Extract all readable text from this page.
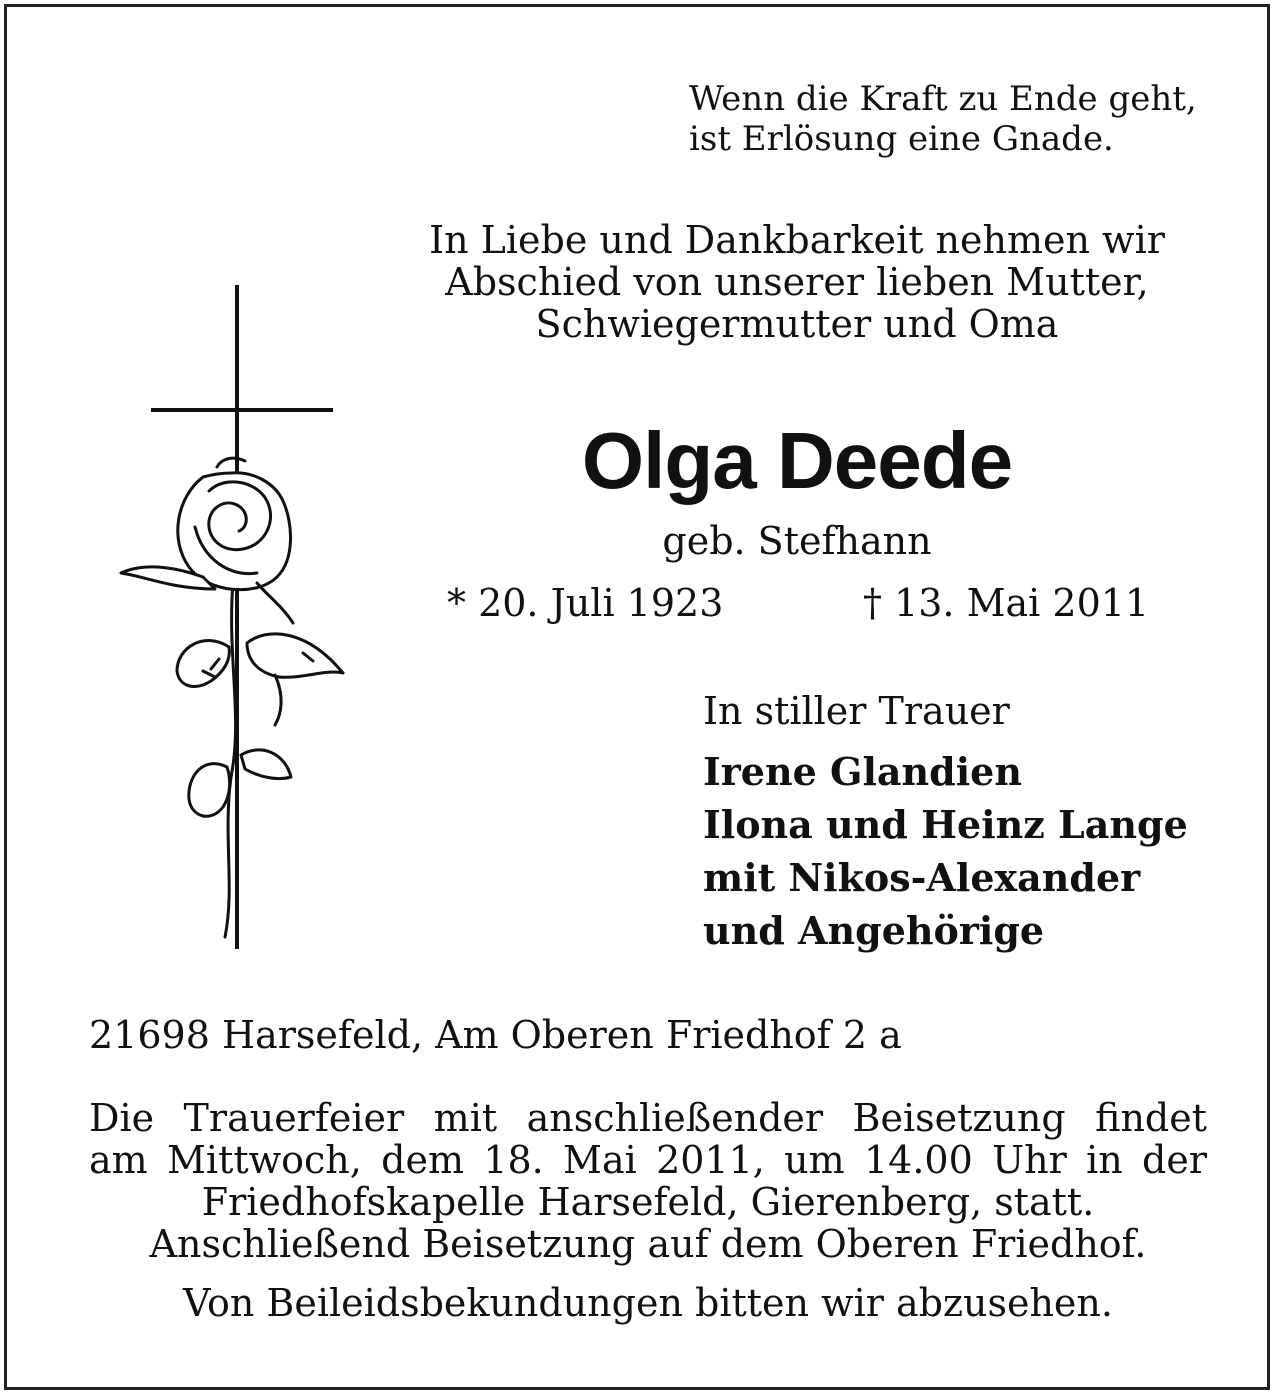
Wenn die Kraft zu Ende geht,
ist Erlösung eine Gnade.
In Liebe und Dankbarkeit nehmen wir
Abschied von unserer lieben Mutter,
Schwiegermutter und Oma
Olga Deede
geb. Stefhann
* 20. Juli 1923	† 13. Mai 2011
In stiller Trauer
Irene Glandien
Ilona und Heinz Lange
mit Nikos-Alexander
und Angehörige
21698 Harsefeld, Am Oberen Friedhof 2 a
Die Trauerfeier mit anschließender Beisetzung findet
am Mittwoch, dem 18. Mai 2011, um 14.00 Uhr in der
Friedhofskapelle Harsefeld, Gierenberg, statt.
Anschließend Beisetzung auf dem Oberen Friedhof.
Von Beileidsbekundungen bitten wir abzusehen.
